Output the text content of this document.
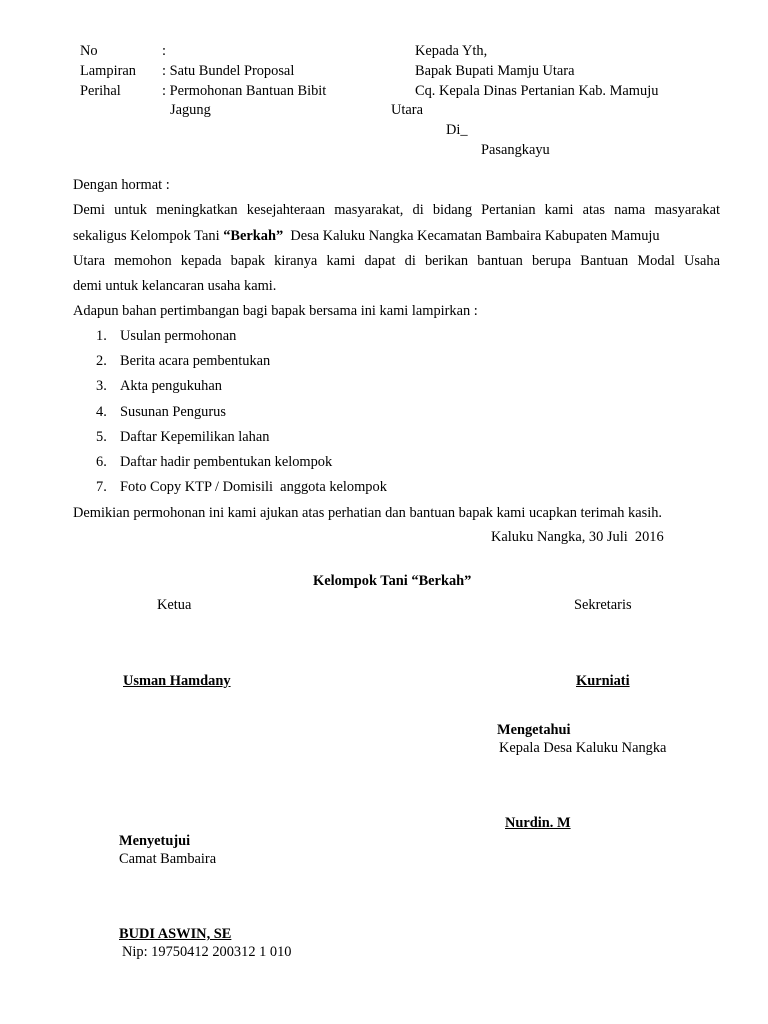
No	:
Lampiran : Satu Bundel Proposal
Perihal	: Permohonan Bantuan Bibit
Jagung
Kepada Yth,
Bapak Bupati Mamju Utara
Cq. Kepala Dinas Pertanian Kab. Mamuju
Utara
Di_
Pasangkayu
Dengan hormat :
Demi untuk meningkatkan kesejahteraan masyarakat, di bidang Pertanian kami atas nama masyarakat
sekaligus Kelompok Tani “Berkah”  Desa Kaluku Nangka Kecamatan Bambaira Kabupaten Mamuju
Utara memohon kepada bapak kiranya kami dapat di berikan bantuan berupa Bantuan Modal Usaha
demi untuk kelancaran usaha kami.
Adapun bahan pertimbangan bagi bapak bersama ini kami lampirkan :
1. Usulan permohonan
2. Berita acara pembentukan
3. Akta pengukuhan
4. Susunan Pengurus
5. Daftar Kepemilikan lahan
6. Daftar hadir pembentukan kelompok
7. Foto Copy KTP / Domisili  anggota kelompok
Demikian permohonan ini kami ajukan atas perhatian dan bantuan bapak kami ucapkan terimah kasih.
Kaluku Nangka, 30 Juli  2016
Kelompok Tani “Berkah”
Ketua	Sekretaris
Usman Hamdany	Kurniati
Mengetahui
Kepala Desa Kaluku Nangka
Nurdin. M
Menyetujui
Camat Bambaira
BUDI ASWIN, SE
Nip: 19750412 200312 1 010
